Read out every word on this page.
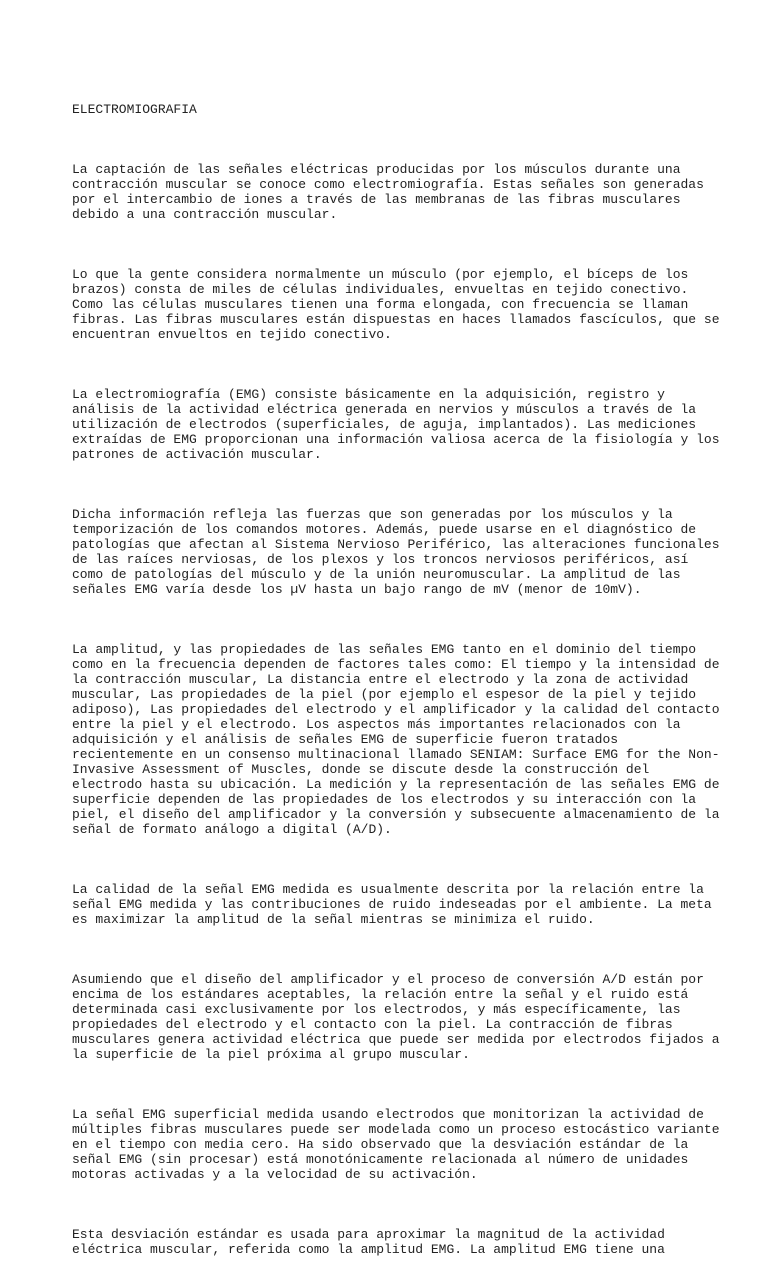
ELECTROMIOGRAFIA

La captación de las señales eléctricas producidas por los músculos durante una
contracción muscular se conoce como electromiografía. Estas señales son generadas
por el intercambio de iones a través de las membranas de las fibras musculares
debido a una contracción muscular.

Lo que la gente considera normalmente un músculo (por ejemplo, el bíceps de los
brazos) consta de miles de células individuales, envueltas en tejido conectivo.
Como las células musculares tienen una forma elongada, con frecuencia se llaman
fibras. Las fibras musculares están dispuestas en haces llamados fascículos, que se
encuentran envueltos en tejido conectivo.

La electromiografía (EMG) consiste básicamente en la adquisición, registro y
análisis de la actividad eléctrica generada en nervios y músculos a través de la
utilización de electrodos (superficiales, de aguja, implantados). Las mediciones
extraídas de EMG proporcionan una información valiosa acerca de la fisiología y los
patrones de activación muscular.

Dicha información refleja las fuerzas que son generadas por los músculos y la
temporización de los comandos motores. Además, puede usarse en el diagnóstico de
patologías que afectan al Sistema Nervioso Periférico, las alteraciones funcionales
de las raíces nerviosas, de los plexos y los troncos nerviosos periféricos, así
como de patologías del músculo y de la unión neuromuscular. La amplitud de las
señales EMG varía desde los µV hasta un bajo rango de mV (menor de 10mV).

La amplitud, y las propiedades de las señales EMG tanto en el dominio del tiempo
como en la frecuencia dependen de factores tales como: El tiempo y la intensidad de
la contracción muscular, La distancia entre el electrodo y la zona de actividad
muscular, Las propiedades de la piel (por ejemplo el espesor de la piel y tejido
adiposo), Las propiedades del electrodo y el amplificador y la calidad del contacto
entre la piel y el electrodo. Los aspectos más importantes relacionados con la
adquisición y el análisis de señales EMG de superficie fueron tratados
recientemente en un consenso multinacional llamado SENIAM: Surface EMG for the Non-
Invasive Assessment of Muscles, donde se discute desde la construcción del
electrodo hasta su ubicación. La medición y la representación de las señales EMG de
superficie dependen de las propiedades de los electrodos y su interacción con la
piel, el diseño del amplificador y la conversión y subsecuente almacenamiento de la
señal de formato análogo a digital (A/D).

La calidad de la señal EMG medida es usualmente descrita por la relación entre la
señal EMG medida y las contribuciones de ruido indeseadas por el ambiente. La meta
es maximizar la amplitud de la señal mientras se minimiza el ruido.

Asumiendo que el diseño del amplificador y el proceso de conversión A/D están por
encima de los estándares aceptables, la relación entre la señal y el ruido está
determinada casi exclusivamente por los electrodos, y más específicamente, las
propiedades del electrodo y el contacto con la piel. La contracción de fibras
musculares genera actividad eléctrica que puede ser medida por electrodos fijados a
la superficie de la piel próxima al grupo muscular.

La señal EMG superficial medida usando electrodos que monitorizan la actividad de
múltiples fibras musculares puede ser modelada como un proceso estocástico variante
en el tiempo con media cero. Ha sido observado que la desviación estándar de la
señal EMG (sin procesar) está monotónicamente relacionada al número de unidades
motoras activadas y a la velocidad de su activación.

Esta desviación estándar es usada para aproximar la magnitud de la actividad
eléctrica muscular, referida como la amplitud EMG. La amplitud EMG tiene una
